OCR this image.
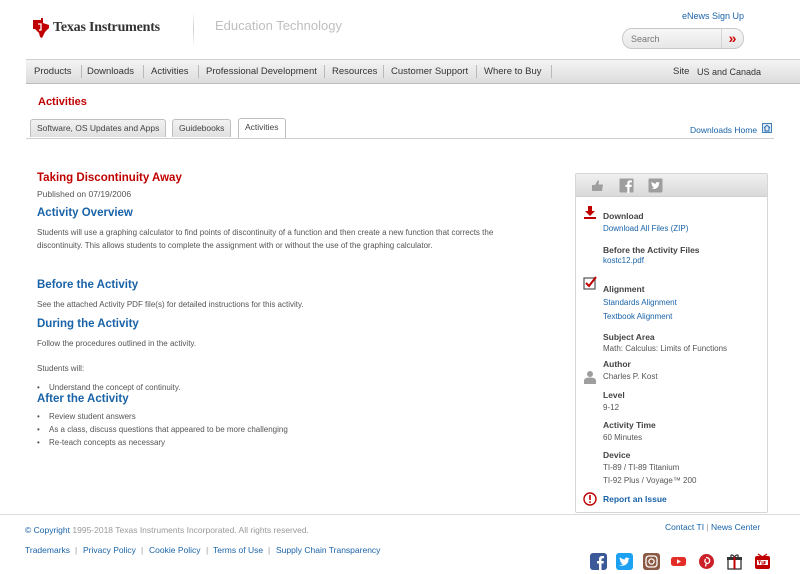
Texas Instruments	Education Technology
eNews Sign Up
Search
»
Products Downloads Activities Professional Development Resources Customer Support Where to Buy	Site US and Canada
Activities
Software, OS Updates and Apps	Guidebooks	Activities	Downloads Home
Taking Discontinuity Away
Published on 07/19/2006
Activity Overview
Students will use a graphing calculator to find points of discontinuity of a function and then create a new function that corrects the discontinuity. This allows students to complete the assignment with or without the use of the graphing calculator.
Before the Activity
See the attached Activity PDF file(s) for detailed instructions for this activity.
During the Activity
Follow the procedures outlined in the activity.
Students will:
• Understand the concept of continuity.
After the Activity
• Review student answers
• As a class, discuss questions that appeared to be more challenging
• Re-teach concepts as necessary
Download
Download All Files (ZIP)
Before the Activity Files
kostc12.pdf
Alignment
Standards Alignment
Textbook Alignment
Subject Area
Math: Calculus: Limits of Functions
Author
Charles P. Kost
Level
9-12
Activity Time
60 Minutes
Device
TI-89 / TI-89 Titanium
TI-92 Plus / Voyage™ 200
Report an Issue
© Copyright 1995-2018 Texas Instruments Incorporated. All rights reserved.	Contact TI | News Center
Trademarks | Privacy Policy | Cookie Policy | Terms of Use | Supply Chain Transparency
